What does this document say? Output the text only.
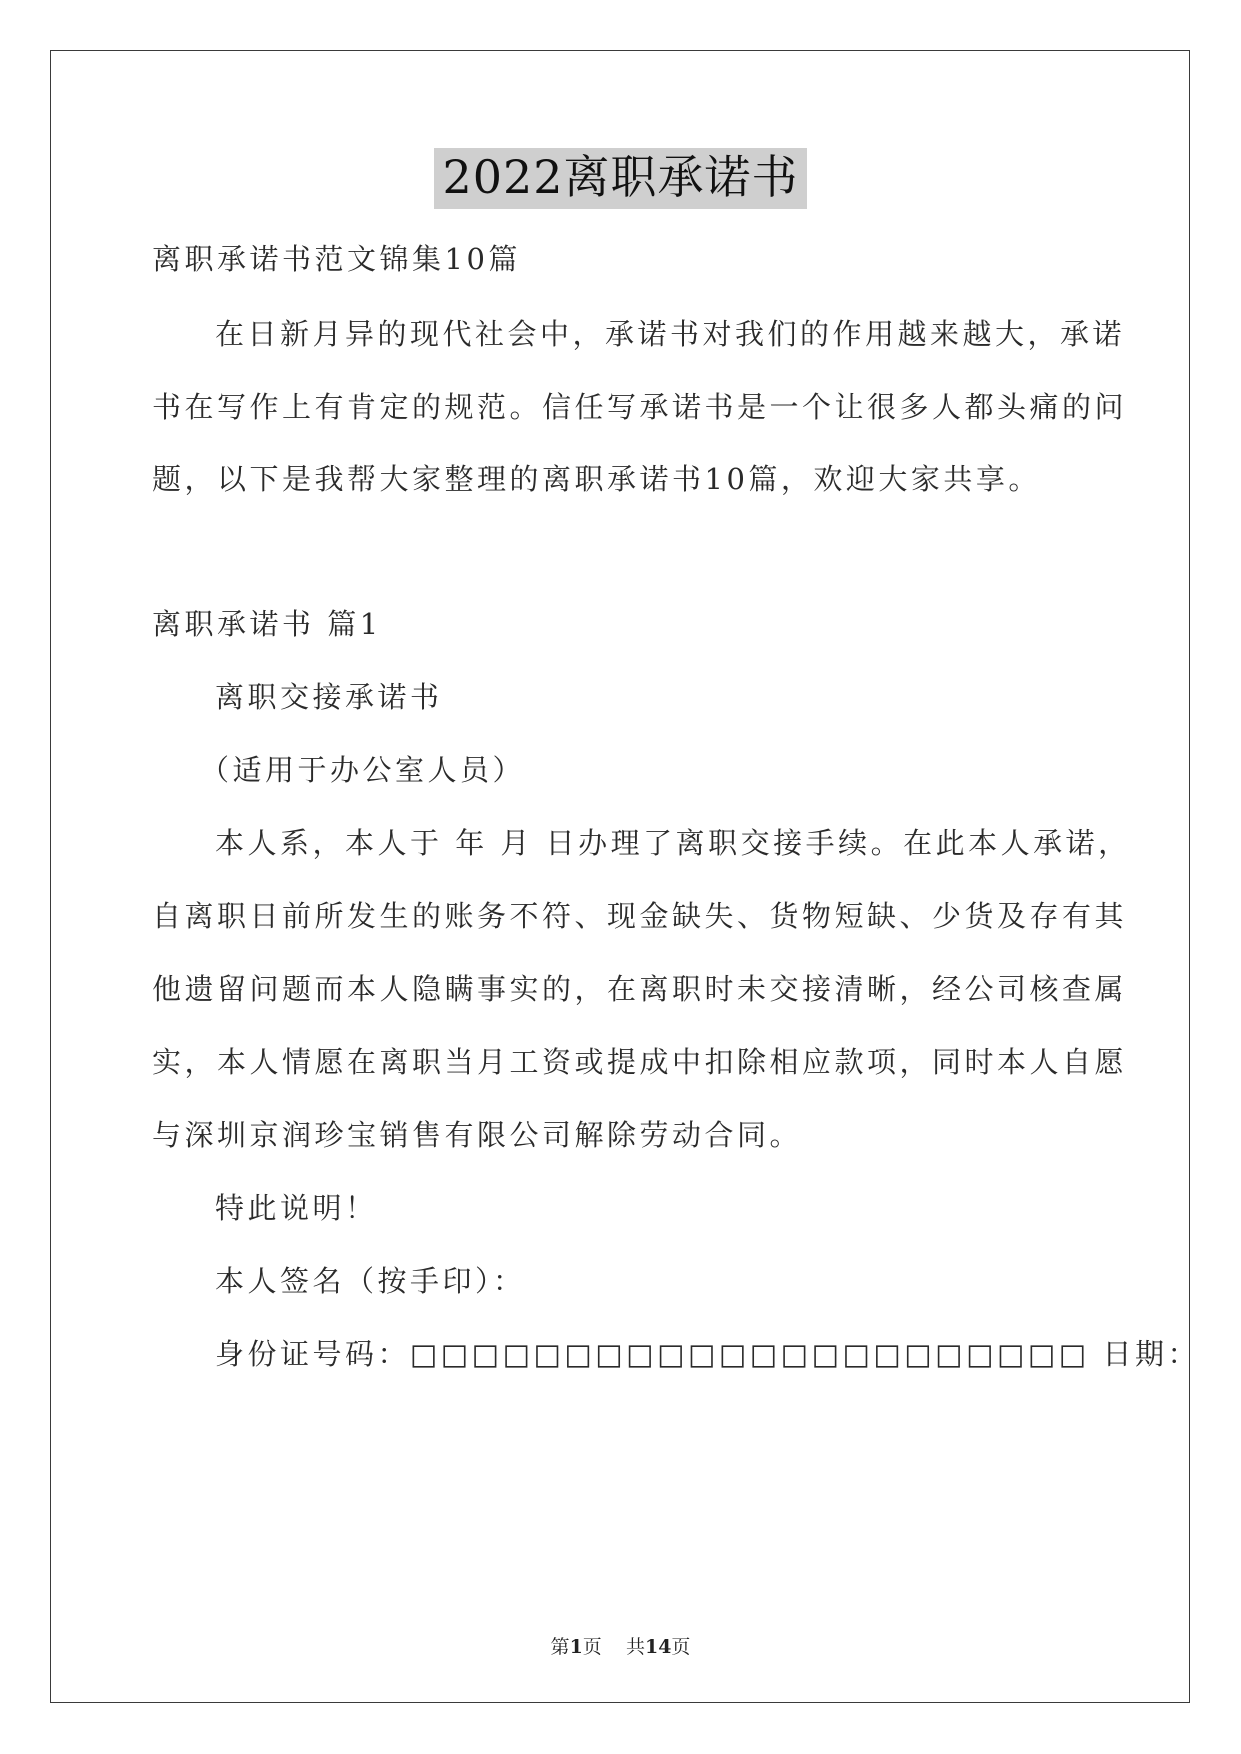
2022离职承诺书
离职承诺书范文锦集10篇
在日新月异的现代社会中，承诺书对我们的作用越来越大，承诺
书在写作上有肯定的规范。信任写承诺书是一个让很多人都头痛的问
题，以下是我帮大家整理的离职承诺书10篇，欢迎大家共享。
离职承诺书 篇1
离职交接承诺书
（适用于办公室人员）
本人系，本人于 年 月 日办理了离职交接手续。在此本人承诺，
自离职日前所发生的账务不符、现金缺失、货物短缺、少货及存有其
他遗留问题而本人隐瞒事实的，在离职时未交接清晰，经公司核查属
实，本人情愿在离职当月工资或提成中扣除相应款项，同时本人自愿
与深圳京润珍宝销售有限公司解除劳动合同。
特此说明！
本人签名（按手印）：
身份证号码：□□□□□□□□□□□□□□□□□□□□□□ 日期：
第1页    共14页
